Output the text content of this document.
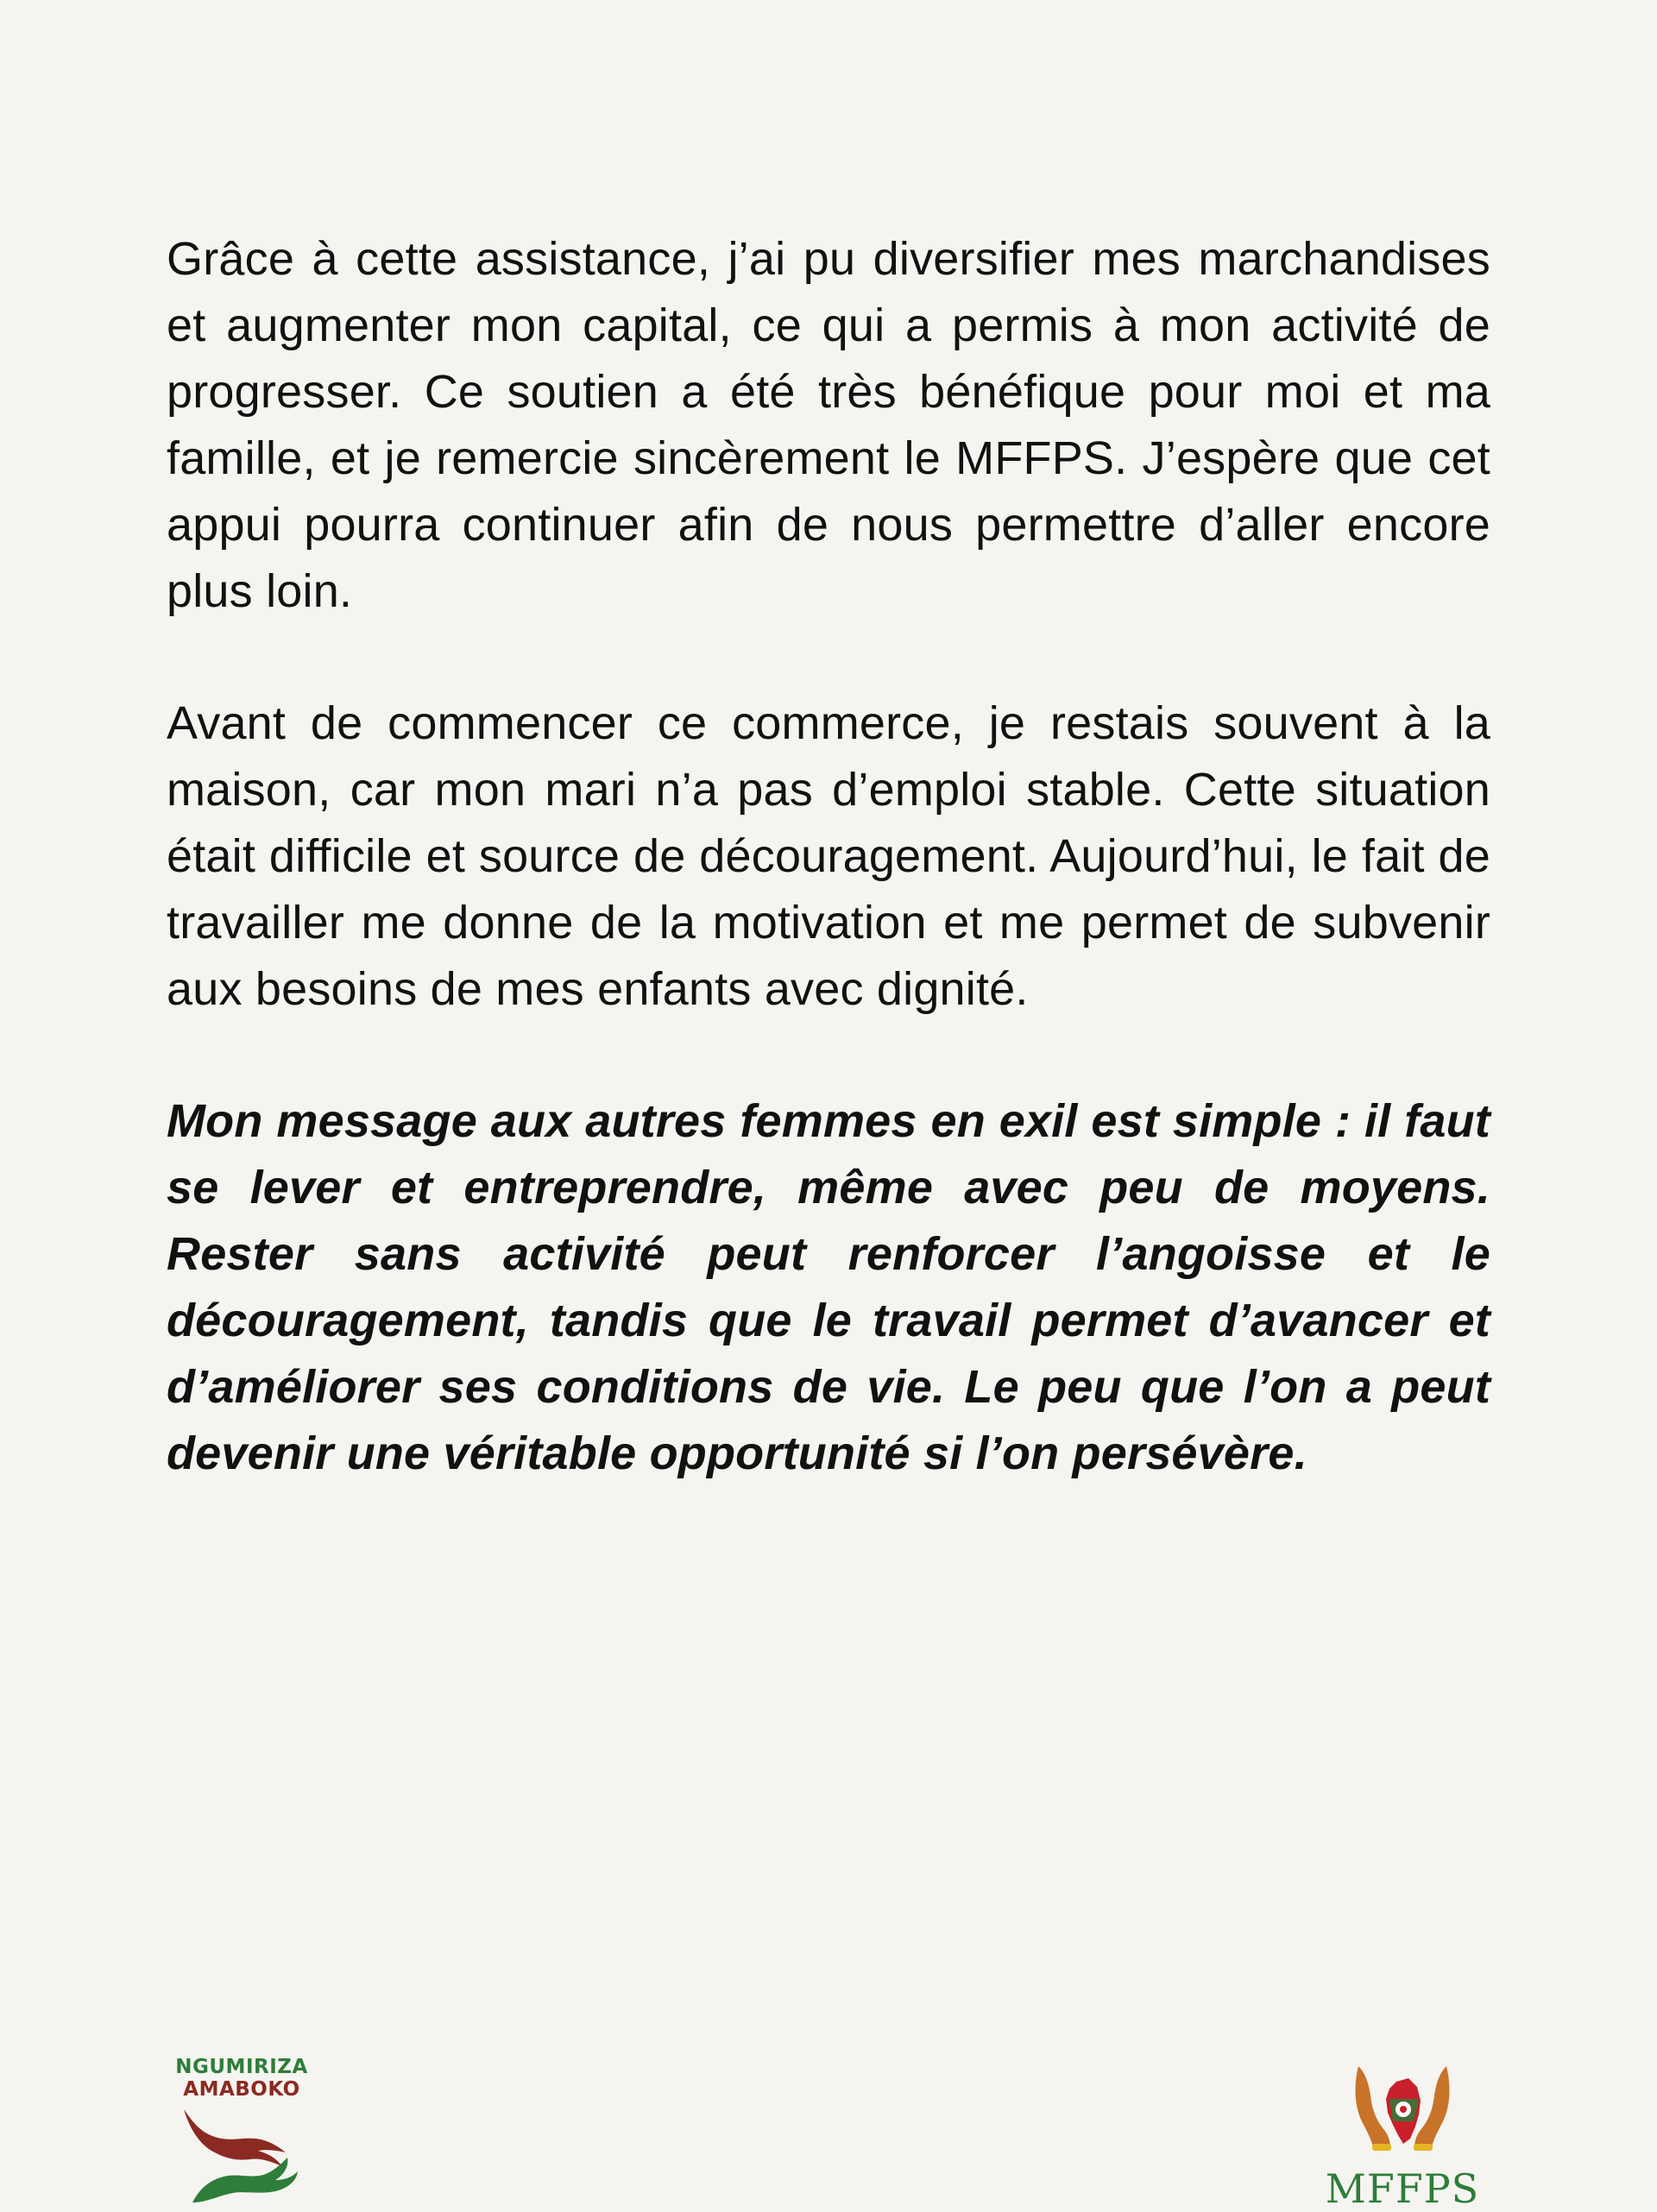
Grâce à cette assistance, j’ai pu diversifier mes marchandises et augmenter mon capital, ce qui a permis à mon activité de progresser. Ce soutien a été très bénéfique pour moi et ma famille, et je remercie sincèrement le MFFPS. J’espère que cet appui pourra continuer afin de nous permettre d’aller encore plus loin.

Avant de commencer ce commerce, je restais souvent à la maison, car mon mari n’a pas d’emploi stable. Cette situation était difficile et source de découragement. Aujourd’hui, le fait de travailler me donne de la motivation et me permet de subvenir aux besoins de mes enfants avec dignité.

Mon message aux autres femmes en exil est simple : il faut se lever et entreprendre, même avec peu de moyens. Rester sans activité peut renforcer l’angoisse et le découragement, tandis que le travail permet d’avancer et d’améliorer ses conditions de vie. Le peu que l’on a peut devenir une véritable opportunité si l’on persévère.

NGUMIRIZA
AMABOKO
MFFPS
